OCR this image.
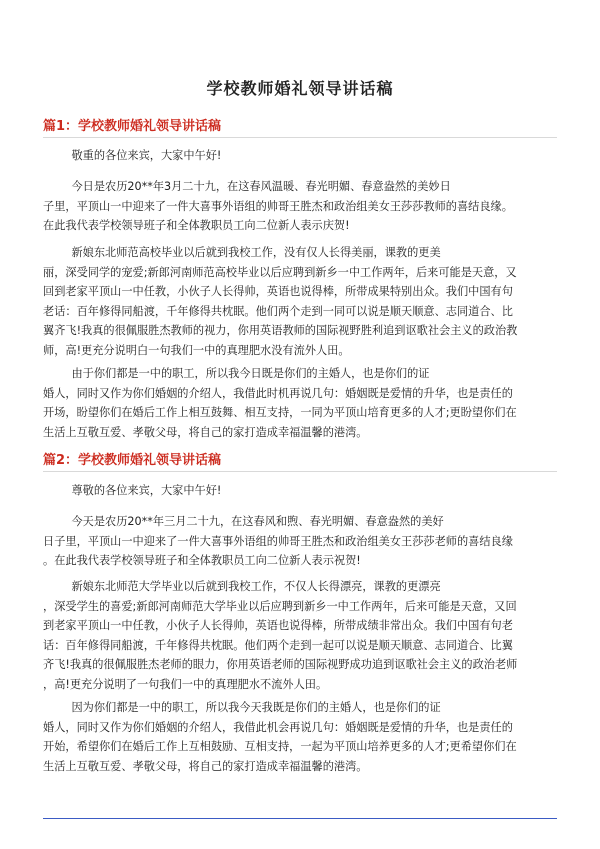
学校教师婚礼领导讲话稿
篇1：学校教师婚礼领导讲话稿

敬重的各位来宾，大家中午好!

今日是农历20**年3月二十九，在这春风温暖、春光明媚、春意盎然的美妙日
子里，平顶山一中迎来了一件大喜事外语组的帅哥王胜杰和政治组美女王莎莎教师的喜结良缘。
在此我代表学校领导班子和全体教职员工向二位新人表示庆贺!

新娘东北师范高校毕业以后就到我校工作，没有仅人长得美丽，课教的更美
丽，深受同学的宠爱;新郎河南师范高校毕业以后应聘到新乡一中工作两年，后来可能是天意，又
回到老家平顶山一中任教，小伙子人长得帅，英语也说得棒，所带成果特别出众。我们中国有句
老话：百年修得同船渡，千年修得共枕眠。他们两个走到一同可以说是顺天顺意、志同道合、比
翼齐飞!我真的很佩服胜杰教师的视力，你用英语教师的国际视野胜利追到讴歌社会主义的政治教
师，高!更充分说明白一句我们一中的真理肥水没有流外人田。

由于你们都是一中的职工，所以我今日既是你们的主婚人，也是你们的证
婚人，同时又作为你们婚姻的介绍人，我借此时机再说几句：婚姻既是爱情的升华，也是责任的
开场，盼望你们在婚后工作上相互鼓舞、相互支持，一同为平顶山培育更多的人才;更盼望你们在
生活上互敬互爱、孝敬父母，将自己的家打造成幸福温馨的港湾。

篇2：学校教师婚礼领导讲话稿

尊敬的各位来宾，大家中午好!

今天是农历20**年三月二十九，在这春风和煦、春光明媚、春意盎然的美好
日子里，平顶山一中迎来了一件大喜事外语组的帅哥王胜杰和政治组美女王莎莎老师的喜结良缘
。在此我代表学校领导班子和全体教职员工向二位新人表示祝贺!

新娘东北师范大学毕业以后就到我校工作，不仅人长得漂亮，课教的更漂亮
，深受学生的喜爱;新郎河南师范大学毕业以后应聘到新乡一中工作两年，后来可能是天意，又回
到老家平顶山一中任教，小伙子人长得帅，英语也说得棒，所带成绩非常出众。我们中国有句老
话：百年修得同船渡，千年修得共枕眠。他们两个走到一起可以说是顺天顺意、志同道合、比翼
齐飞!我真的很佩服胜杰老师的眼力，你用英语老师的国际视野成功追到讴歌社会主义的政治老师
，高!更充分说明了一句我们一中的真理肥水不流外人田。

因为你们都是一中的职工，所以我今天我既是你们的主婚人，也是你们的证
婚人，同时又作为你们婚姻的介绍人，我借此机会再说几句：婚姻既是爱情的升华，也是责任的
开始，希望你们在婚后工作上互相鼓励、互相支持，一起为平顶山培养更多的人才;更希望你们在
生活上互敬互爱、孝敬父母，将自己的家打造成幸福温馨的港湾。
